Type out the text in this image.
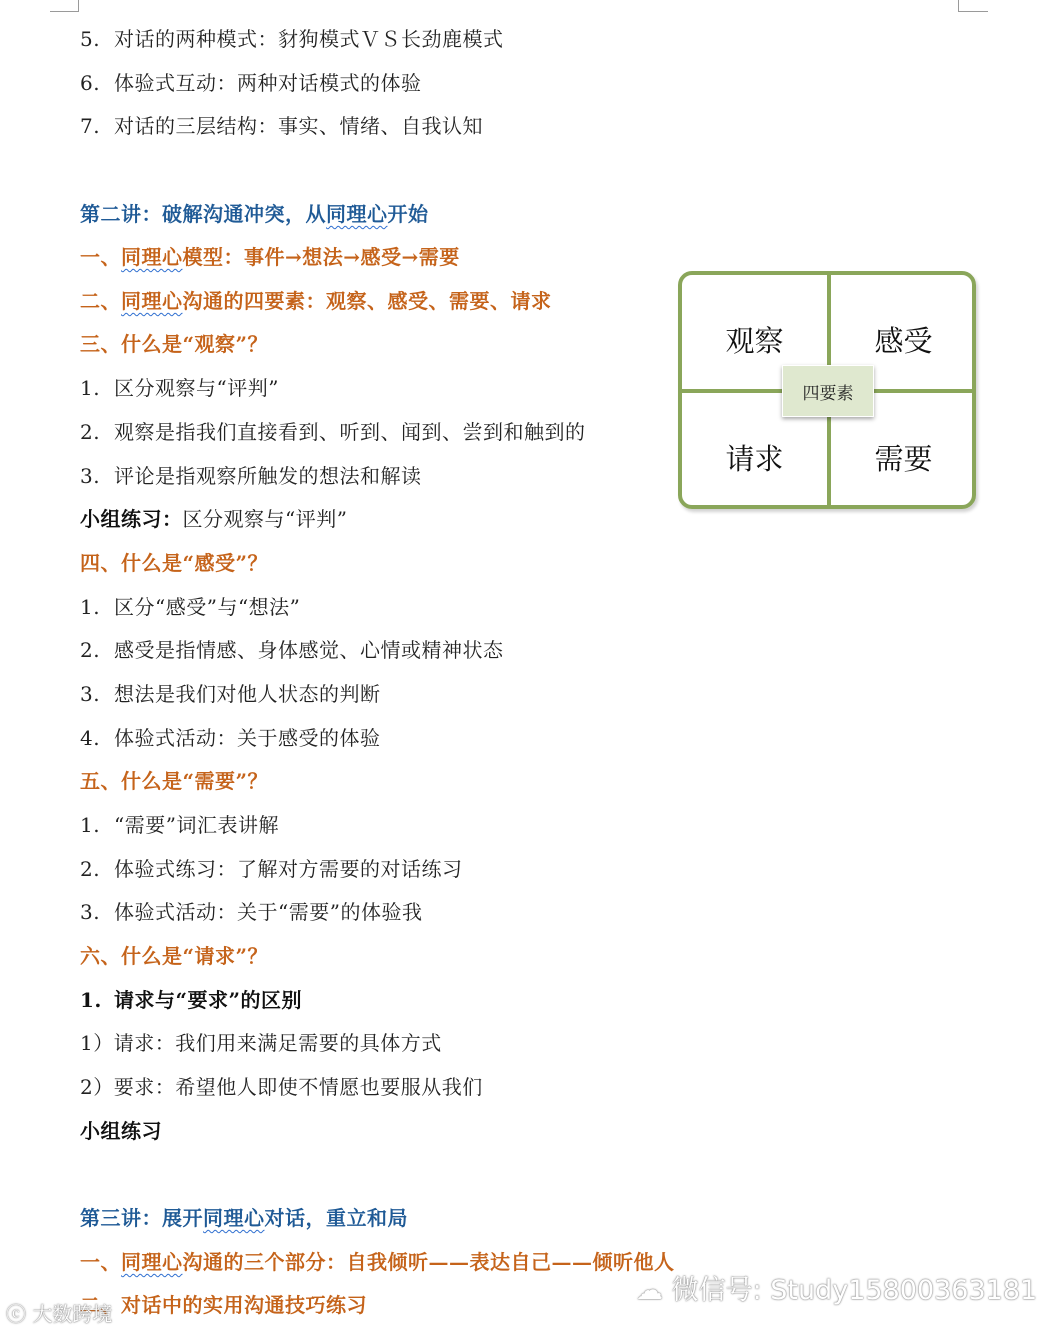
5. 对话的两种模式：豺狗模式ＶＳ长劲鹿模式
6. 体验式互动：两种对话模式的体验
7. 对话的三层结构：事实、情绪、自我认知
第二讲：破解沟通冲突，从同理心开始
一、同理心模型：事件→想法→感受→需要
二、同理心沟通的四要素：观察、感受、需要、请求
三、什么是“观察”？
1. 区分观察与“评判”
2. 观察是指我们直接看到、听到、闻到、尝到和触到的
3. 评论是指观察所触发的想法和解读
小组练习：区分观察与“评判”
四、什么是“感受”？
1. 区分“感受”与“想法”
2. 感受是指情感、身体感觉、心情或精神状态
3. 想法是我们对他人状态的判断
4. 体验式活动：关于感受的体验
五、什么是“需要”？
1. “需要”词汇表讲解
2. 体验式练习：了解对方需要的对话练习
3. 体验式活动：关于“需要”的体验我
六、什么是“请求”？
1. 请求与“要求”的区别
1）请求：我们用来满足需要的具体方式
2）要求：希望他人即使不情愿也要服从我们
小组练习
第三讲：展开同理心对话，重立和局
一、同理心沟通的三个部分：自我倾听——表达自己——倾听他人
二、对话中的实用沟通技巧练习
观察	感受
请求	需要
四要素
ⓒ 大数跨境
☁ 微信号: Study15800363181
